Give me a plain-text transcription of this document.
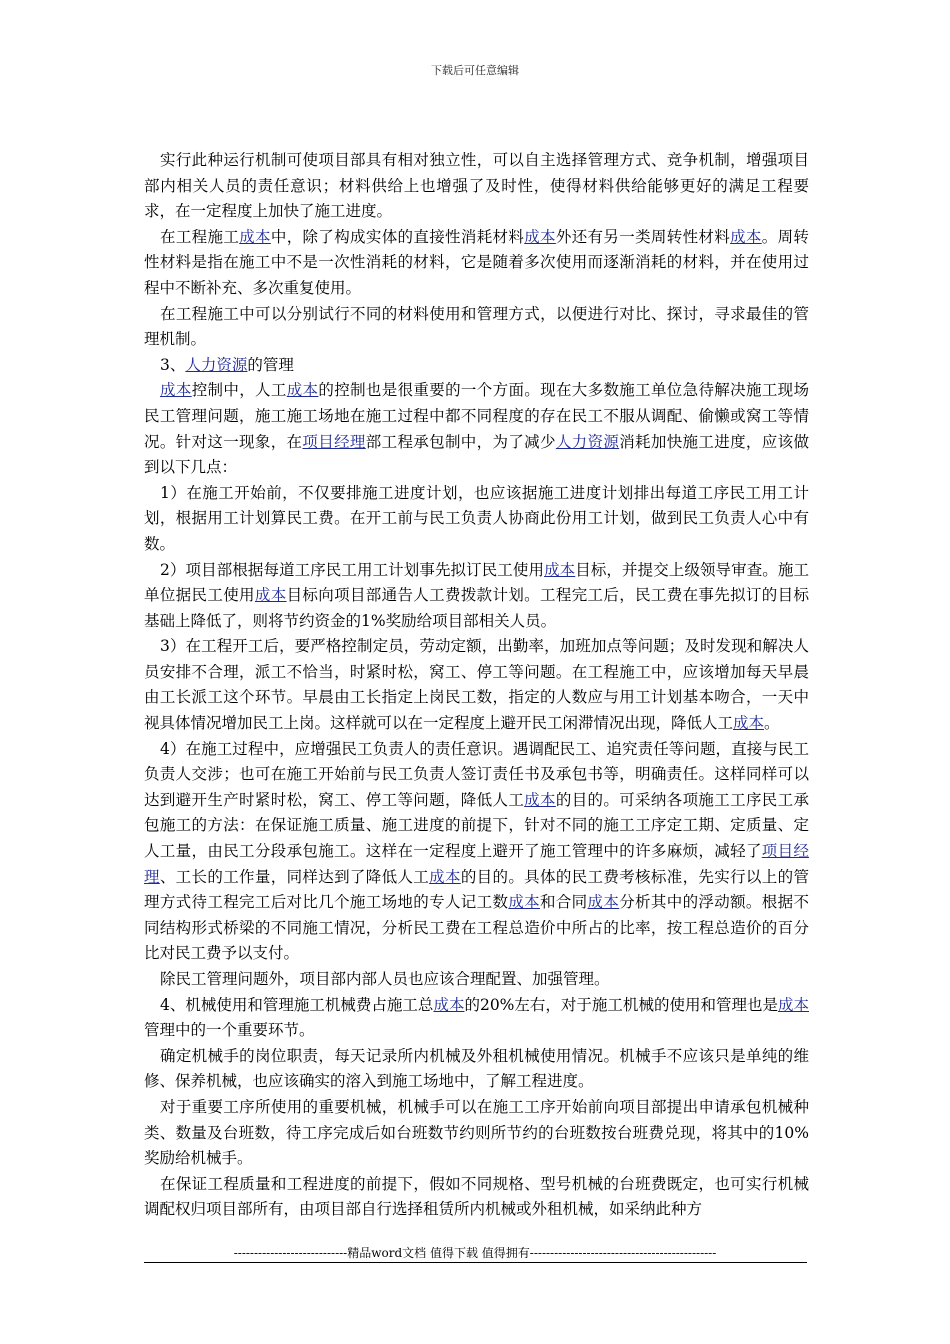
下载后可任意编辑

实行此种运行机制可使项目部具有相对独立性，可以自主选择管理方式、竞争机制，增强项目部内相关人员的责任意识；材料供给上也增强了及时性，使得材料供给能够更好的满足工程要求，在一定程度上加快了施工进度。

在工程施工成本中，除了构成实体的直接性消耗材料成本外还有另一类周转性材料成本。周转性材料是指在施工中不是一次性消耗的材料，它是随着多次使用而逐渐消耗的材料，并在使用过程中不断补充、多次重复使用。

在工程施工中可以分别试行不同的材料使用和管理方式，以便进行对比、探讨，寻求最佳的管理机制。

3、人力资源的管理

成本控制中，人工成本的控制也是很重要的一个方面。现在大多数施工单位急待解决施工现场民工管理问题，施工施工场地在施工过程中都不同程度的存在民工不服从调配、偷懒或窝工等情况。针对这一现象，在项目经理部工程承包制中，为了减少人力资源消耗加快施工进度，应该做到以下几点：

1）在施工开始前，不仅要排施工进度计划，也应该据施工进度计划排出每道工序民工用工计划，根据用工计划算民工费。在开工前与民工负责人协商此份用工计划，做到民工负责人心中有数。

2）项目部根据每道工序民工用工计划事先拟订民工使用成本目标，并提交上级领导审查。施工单位据民工使用成本目标向项目部通告人工费拨款计划。工程完工后，民工费在事先拟订的目标基础上降低了，则将节约资金的1%奖励给项目部相关人员。

3）在工程开工后，要严格控制定员，劳动定额，出勤率，加班加点等问题；及时发现和解决人员安排不合理，派工不恰当，时紧时松，窝工、停工等问题。在工程施工中，应该增加每天早晨由工长派工这个环节。早晨由工长指定上岗民工数，指定的人数应与用工计划基本吻合，一天中视具体情况增加民工上岗。这样就可以在一定程度上避开民工闲滞情况出现，降低人工成本。

4）在施工过程中，应增强民工负责人的责任意识。遇调配民工、追究责任等问题，直接与民工负责人交涉；也可在施工开始前与民工负责人签订责任书及承包书等，明确责任。这样同样可以达到避开生产时紧时松，窝工、停工等问题，降低人工成本的目的。可采纳各项施工工序民工承包施工的方法：在保证施工质量、施工进度的前提下，针对不同的施工工序定工期、定质量、定人工量，由民工分段承包施工。这样在一定程度上避开了施工管理中的许多麻烦，减轻了项目经理、工长的工作量，同样达到了降低人工成本的目的。具体的民工费考核标准，先实行以上的管理方式待工程完工后对比几个施工场地的专人记工数成本和合同成本分析其中的浮动额。根据不同结构形式桥梁的不同施工情况，分析民工费在工程总造价中所占的比率，按工程总造价的百分比对民工费予以支付。

除民工管理问题外，项目部内部人员也应该合理配置、加强管理。

4、机械使用和管理施工机械费占施工总成本的20%左右，对于施工机械的使用和管理也是成本管理中的一个重要环节。

确定机械手的岗位职责，每天记录所内机械及外租机械使用情况。机械手不应该只是单纯的维修、保养机械，也应该确实的溶入到施工场地中，了解工程进度。

对于重要工序所使用的重要机械，机械手可以在施工工序开始前向项目部提出申请承包机械种类、数量及台班数，待工序完成后如台班数节约则所节约的台班数按台班费兑现，将其中的10%奖励给机械手。

在保证工程质量和工程进度的前提下，假如不同规格、型号机械的台班费既定，也可实行机械调配权归项目部所有，由项目部自行选择租赁所内机械或外租机械，如采纳此种方

----------------------------精品word文档 值得下载 值得拥有----------------------------------------------
